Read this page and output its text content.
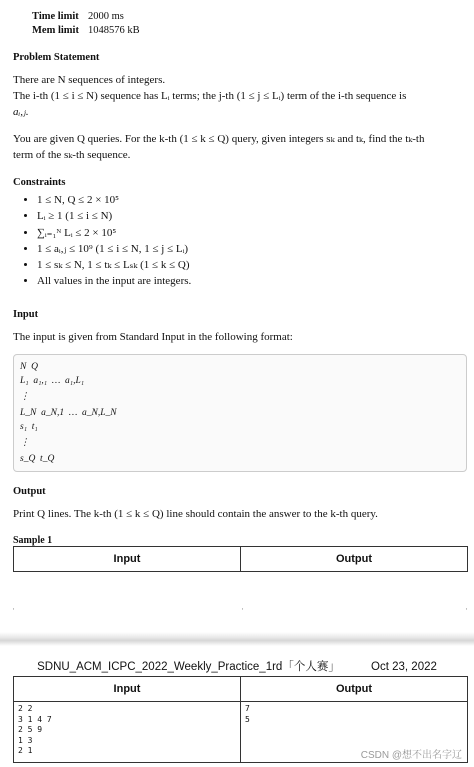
Time limit 2000 ms
Mem limit 1048576 kB
Problem Statement
There are N sequences of integers.
The i-th (1 ≤ i ≤ N) sequence has Lᵢ terms; the j-th (1 ≤ j ≤ Lᵢ) term of the i-th sequence is
aᵢ,ⱼ.
You are given Q queries. For the k-th (1 ≤ k ≤ Q) query, given integers sₖ and tₖ, find the tₖ-th
term of the sₖ-th sequence.
Constraints
• 1 ≤ N, Q ≤ 2 × 10⁵
• Lᵢ ≥ 1 (1 ≤ i ≤ N)
• ∑ᵢ₌₁ᴺ Lᵢ ≤ 2 × 10⁵
• 1 ≤ aᵢ,ⱼ ≤ 10⁹ (1 ≤ i ≤ N, 1 ≤ j ≤ Lᵢ)
• 1 ≤ sₖ ≤ N, 1 ≤ tₖ ≤ Lₛₖ (1 ≤ k ≤ Q)
• All values in the input are integers.
Input
The input is given from Standard Input in the following format:
N  Q
L₁  a₁,₁  …  a₁,L₁
⋮
L_N  a_N,1  …  a_N,L_N
s₁  t₁
⋮
s_Q  t_Q
Output
Print Q lines. The k-th (1 ≤ k ≤ Q) line should contain the answer to the k-th query.
Sample 1
Input	Output
·	·	·
SDNU_ACM_ICPC_2022_Weekly_Practice_1rd「个人赛」	Oct 23, 2022
Input	Output

2 2
3 1 4 7
2 5 9
1 3
2 1	7
5
CSDN @想不出名字辽
